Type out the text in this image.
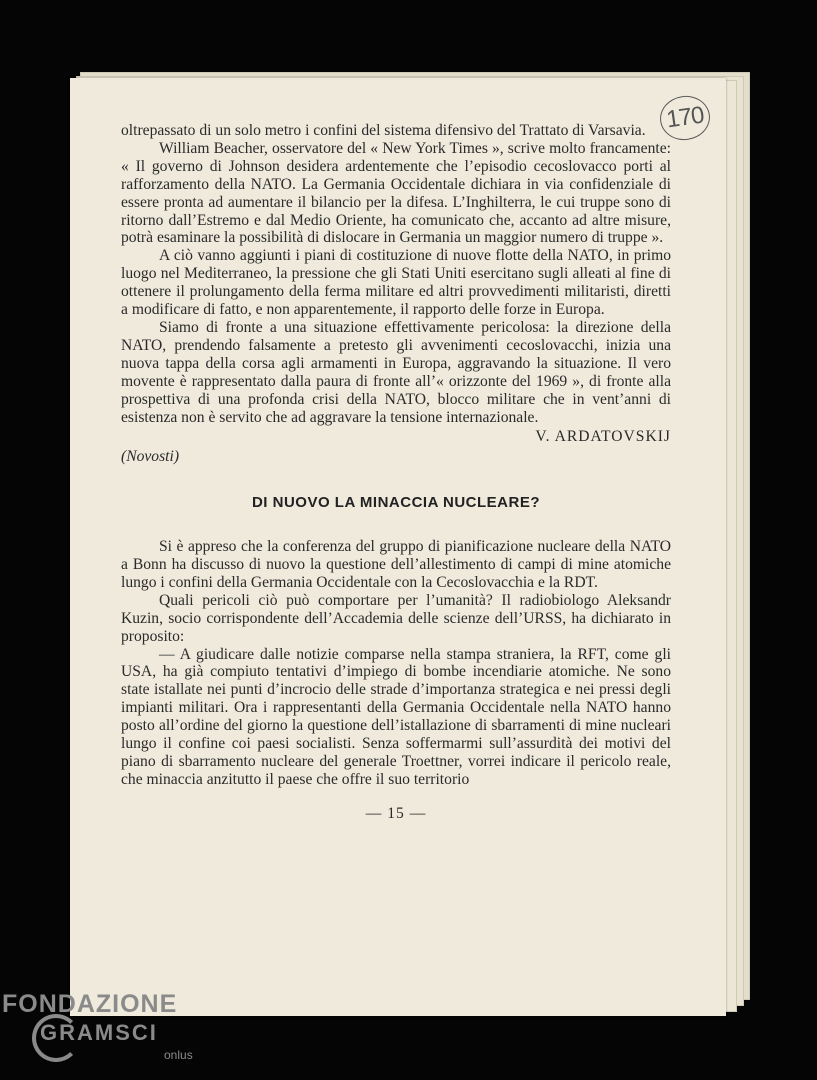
170

oltrepassato di un solo metro i confini del sistema difensivo del Trattato di Varsavia.

William Beacher, osservatore del « New York Times », scrive molto francamente: « Il governo di Johnson desidera ardentemente che l’episodio cecoslovacco porti al rafforzamento della NATO. La Germania Occidentale dichiara in via confidenziale di essere pronta ad aumentare il bilancio per la difesa. L’Inghilterra, le cui truppe sono di ritorno dall’Estremo e dal Medio Oriente, ha comunicato che, accanto ad altre misure, potrà esaminare la possibilità di dislocare in Germania un maggior numero di truppe ».

A ciò vanno aggiunti i piani di costituzione di nuove flotte della NATO, in primo luogo nel Mediterraneo, la pressione che gli Stati Uniti esercitano sugli alleati al fine di ottenere il prolungamento della ferma militare ed altri provvedimenti militaristi, diretti a modificare di fatto, e non apparentemente, il rapporto delle forze in Europa.

Siamo di fronte a una situazione effettivamente pericolosa: la direzione della NATO, prendendo falsamente a pretesto gli avvenimenti cecoslovacchi, inizia una nuova tappa della corsa agli armamenti in Europa, aggravando la situazione. Il vero movente è rappresentato dalla paura di fronte all’« orizzonte del 1969 », di fronte alla prospettiva di una profonda crisi della NATO, blocco militare che in vent’anni di esistenza non è servito che ad aggravare la tensione internazionale.

V. ARDATOVSKIJ
(Novosti)
DI NUOVO LA MINACCIA NUCLEARE?

Si è appreso che la conferenza del gruppo di pianificazione nucleare della NATO a Bonn ha discusso di nuovo la questione dell’allestimento di campi di mine atomiche lungo i confini della Germania Occidentale con la Cecoslovacchia e la RDT.

Quali pericoli ciò può comportare per l’umanità? Il radiobiologo Aleksandr Kuzin, socio corrispondente dell’Accademia delle scienze dell’URSS, ha dichiarato in proposito:

— A giudicare dalle notizie comparse nella stampa straniera, la RFT, come gli USA, ha già compiuto tentativi d’impiego di bombe incendiarie atomiche. Ne sono state istallate nei punti d’incrocio delle strade d’importanza strategica e nei pressi degli impianti militari. Ora i rappresentanti della Germania Occidentale nella NATO hanno posto all’ordine del giorno la questione dell’istallazione di sbarramenti di mine nucleari lungo il confine coi paesi socialisti. Senza soffermarmi sull’assurdità dei motivi del piano di sbarramento nucleare del generale Troettner, vorrei indicare il pericolo reale, che minaccia anzitutto il paese che offre il suo territorio

— 15 —
FONDAZIONE
GRAMSCI
onlus
